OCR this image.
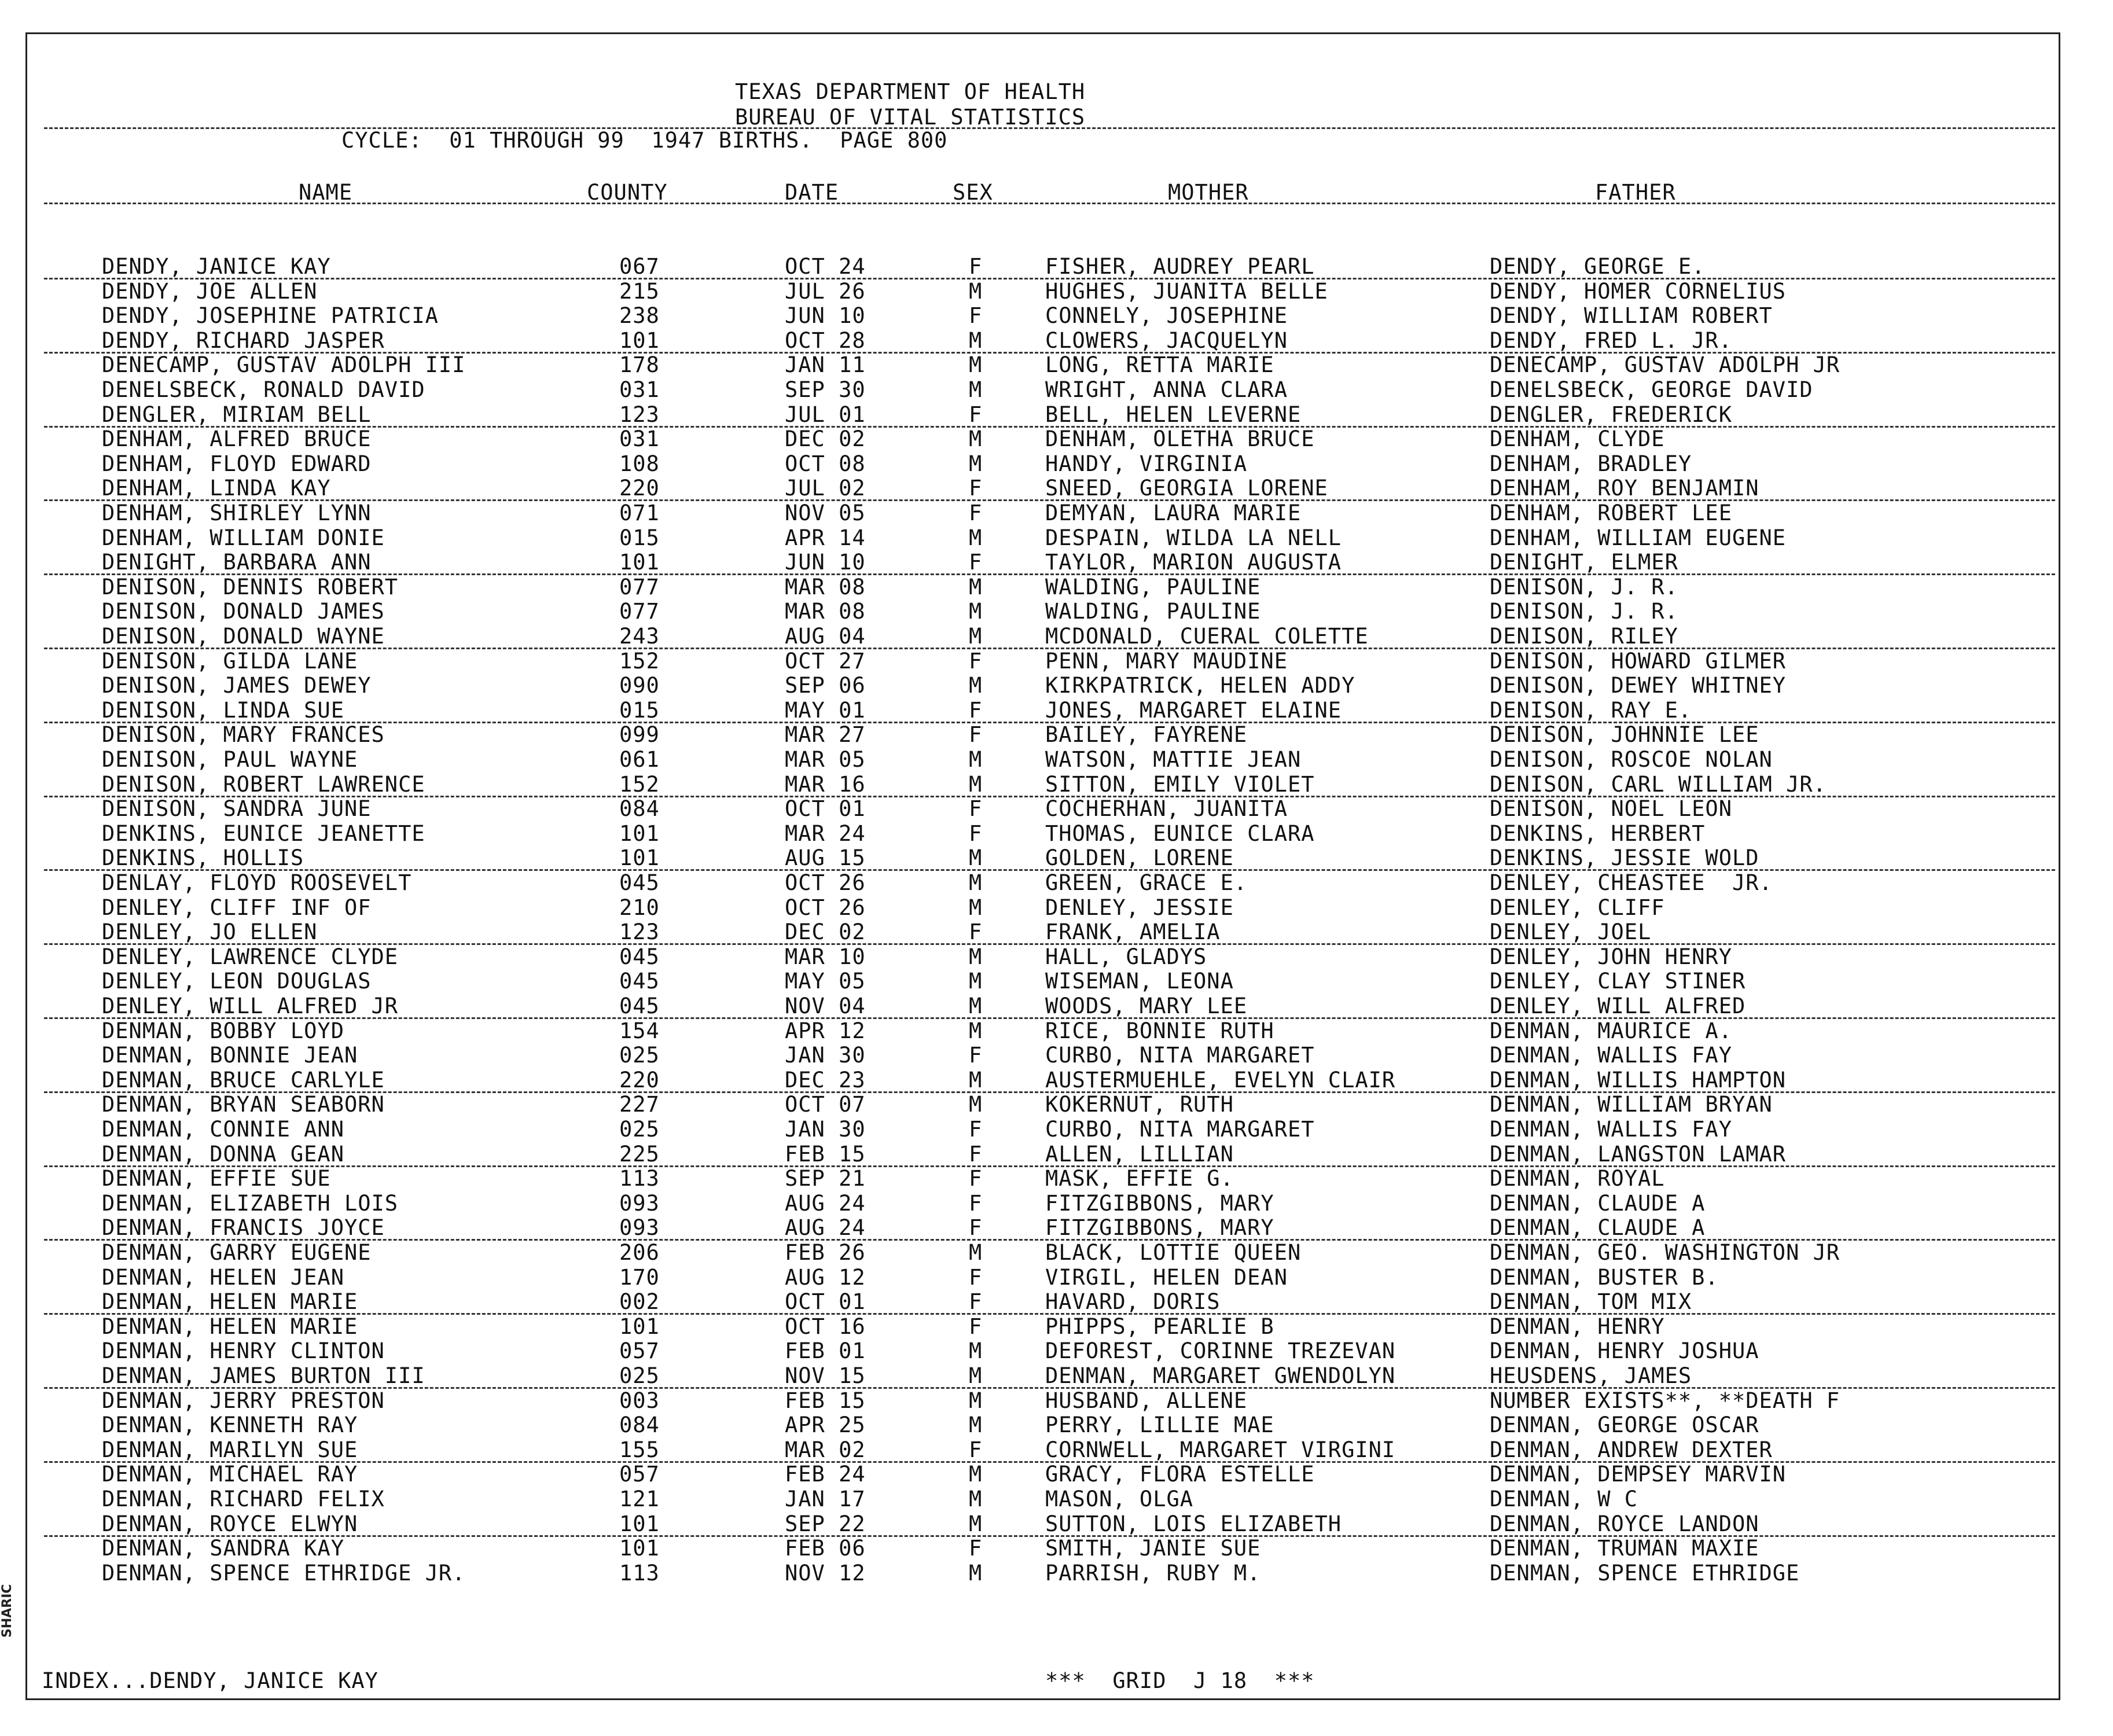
TEXAS DEPARTMENT OF HEALTH
BUREAU OF VITAL STATISTICS
CYCLE:  01 THROUGH 99  1947 BIRTHS.  PAGE 800
NAME	COUNTY	DATE	SEX	MOTHER	FATHER
DENDY, JANICE KAY	067	OCT 24	F	FISHER, AUDREY PEARL	DENDY, GEORGE E.
DENDY, JOE ALLEN	215	JUL 26	M	HUGHES, JUANITA BELLE	DENDY, HOMER CORNELIUS
DENDY, JOSEPHINE PATRICIA	238	JUN 10	F	CONNELY, JOSEPHINE	DENDY, WILLIAM ROBERT
DENDY, RICHARD JASPER	101	OCT 28	M	CLOWERS, JACQUELYN	DENDY, FRED L. JR.
DENECAMP, GUSTAV ADOLPH III	178	JAN 11	M	LONG, RETTA MARIE	DENECAMP, GUSTAV ADOLPH JR
DENELSBECK, RONALD DAVID	031	SEP 30	M	WRIGHT, ANNA CLARA	DENELSBECK, GEORGE DAVID
DENGLER, MIRIAM BELL	123	JUL 01	F	BELL, HELEN LEVERNE	DENGLER, FREDERICK
DENHAM, ALFRED BRUCE	031	DEC 02	M	DENHAM, OLETHA BRUCE	DENHAM, CLYDE
DENHAM, FLOYD EDWARD	108	OCT 08	M	HANDY, VIRGINIA	DENHAM, BRADLEY
DENHAM, LINDA KAY	220	JUL 02	F	SNEED, GEORGIA LORENE	DENHAM, ROY BENJAMIN
DENHAM, SHIRLEY LYNN	071	NOV 05	F	DEMYAN, LAURA MARIE	DENHAM, ROBERT LEE
DENHAM, WILLIAM DONIE	015	APR 14	M	DESPAIN, WILDA LA NELL	DENHAM, WILLIAM EUGENE
DENIGHT, BARBARA ANN	101	JUN 10	F	TAYLOR, MARION AUGUSTA	DENIGHT, ELMER
DENISON, DENNIS ROBERT	077	MAR 08	M	WALDING, PAULINE	DENISON, J. R.
DENISON, DONALD JAMES	077	MAR 08	M	WALDING, PAULINE	DENISON, J. R.
DENISON, DONALD WAYNE	243	AUG 04	M	MCDONALD, CUERAL COLETTE	DENISON, RILEY
DENISON, GILDA LANE	152	OCT 27	F	PENN, MARY MAUDINE	DENISON, HOWARD GILMER
DENISON, JAMES DEWEY	090	SEP 06	M	KIRKPATRICK, HELEN ADDY	DENISON, DEWEY WHITNEY
DENISON, LINDA SUE	015	MAY 01	F	JONES, MARGARET ELAINE	DENISON, RAY E.
DENISON, MARY FRANCES	099	MAR 27	F	BAILEY, FAYRENE	DENISON, JOHNNIE LEE
DENISON, PAUL WAYNE	061	MAR 05	M	WATSON, MATTIE JEAN	DENISON, ROSCOE NOLAN
DENISON, ROBERT LAWRENCE	152	MAR 16	M	SITTON, EMILY VIOLET	DENISON, CARL WILLIAM JR.
DENISON, SANDRA JUNE	084	OCT 01	F	COCHERHAN, JUANITA	DENISON, NOEL LEON
DENKINS, EUNICE JEANETTE	101	MAR 24	F	THOMAS, EUNICE CLARA	DENKINS, HERBERT
DENKINS, HOLLIS	101	AUG 15	M	GOLDEN, LORENE	DENKINS, JESSIE WOLD
DENLAY, FLOYD ROOSEVELT	045	OCT 26	M	GREEN, GRACE E.	DENLEY, CHEASTEE  JR.
DENLEY, CLIFF INF OF	210	OCT 26	M	DENLEY, JESSIE	DENLEY, CLIFF
DENLEY, JO ELLEN	123	DEC 02	F	FRANK, AMELIA	DENLEY, JOEL
DENLEY, LAWRENCE CLYDE	045	MAR 10	M	HALL, GLADYS	DENLEY, JOHN HENRY
DENLEY, LEON DOUGLAS	045	MAY 05	M	WISEMAN, LEONA	DENLEY, CLAY STINER
DENLEY, WILL ALFRED JR	045	NOV 04	M	WOODS, MARY LEE	DENLEY, WILL ALFRED
DENMAN, BOBBY LOYD	154	APR 12	M	RICE, BONNIE RUTH	DENMAN, MAURICE A.
DENMAN, BONNIE JEAN	025	JAN 30	F	CURBO, NITA MARGARET	DENMAN, WALLIS FAY
DENMAN, BRUCE CARLYLE	220	DEC 23	M	AUSTERMUEHLE, EVELYN CLAIR	DENMAN, WILLIS HAMPTON
DENMAN, BRYAN SEABORN	227	OCT 07	M	KOKERNUT, RUTH	DENMAN, WILLIAM BRYAN
DENMAN, CONNIE ANN	025	JAN 30	F	CURBO, NITA MARGARET	DENMAN, WALLIS FAY
DENMAN, DONNA GEAN	225	FEB 15	F	ALLEN, LILLIAN	DENMAN, LANGSTON LAMAR
DENMAN, EFFIE SUE	113	SEP 21	F	MASK, EFFIE G.	DENMAN, ROYAL
DENMAN, ELIZABETH LOIS	093	AUG 24	F	FITZGIBBONS, MARY	DENMAN, CLAUDE A
DENMAN, FRANCIS JOYCE	093	AUG 24	F	FITZGIBBONS, MARY	DENMAN, CLAUDE A
DENMAN, GARRY EUGENE	206	FEB 26	M	BLACK, LOTTIE QUEEN	DENMAN, GEO. WASHINGTON JR
DENMAN, HELEN JEAN	170	AUG 12	F	VIRGIL, HELEN DEAN	DENMAN, BUSTER B.
DENMAN, HELEN MARIE	002	OCT 01	F	HAVARD, DORIS	DENMAN, TOM MIX
DENMAN, HELEN MARIE	101	OCT 16	F	PHIPPS, PEARLIE B	DENMAN, HENRY
DENMAN, HENRY CLINTON	057	FEB 01	M	DEFOREST, CORINNE TREZEVAN	DENMAN, HENRY JOSHUA
DENMAN, JAMES BURTON III	025	NOV 15	M	DENMAN, MARGARET GWENDOLYN	HEUSDENS, JAMES
DENMAN, JERRY PRESTON	003	FEB 15	M	HUSBAND, ALLENE	NUMBER EXISTS**, **DEATH F
DENMAN, KENNETH RAY	084	APR 25	M	PERRY, LILLIE MAE	DENMAN, GEORGE OSCAR
DENMAN, MARILYN SUE	155	MAR 02	F	CORNWELL, MARGARET VIRGINI	DENMAN, ANDREW DEXTER
DENMAN, MICHAEL RAY	057	FEB 24	M	GRACY, FLORA ESTELLE	DENMAN, DEMPSEY MARVIN
DENMAN, RICHARD FELIX	121	JAN 17	M	MASON, OLGA	DENMAN, W C
DENMAN, ROYCE ELWYN	101	SEP 22	M	SUTTON, LOIS ELIZABETH	DENMAN, ROYCE LANDON
DENMAN, SANDRA KAY	101	FEB 06	F	SMITH, JANIE SUE	DENMAN, TRUMAN MAXIE
DENMAN, SPENCE ETHRIDGE JR.	113	NOV 12	M	PARRISH, RUBY M.	DENMAN, SPENCE ETHRIDGE
INDEX...DENDY, JANICE KAY	***  GRID  J 18  ***
SHARIC
